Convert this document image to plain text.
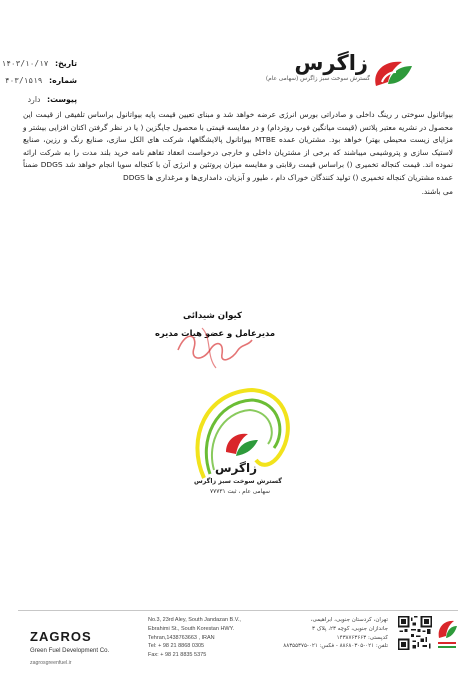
زاگرس
گسترش سوخت سبز زاگرس (سهامی عام)
تاریخ: ۱۴۰۳/۱۰/۱۷
شماره: ۴۰۳/۱۵۱۹
پیوست: دارد
بیواتانول سوختی ر رینگ داخلی و صادراتی بورس انرژی عرضه خواهد شد و مبنای تعیین قیمت پایه بیواتانول براساس تلفیقی از قیمت این محصول در نشریه معتبر پلاتس (قیمت میانگین فوب روتردام) و در مقایسه قیمتی با محصول جایگزین ( یا در نظر گرفتن اکتان افزایی بیشتر و مزایای زیست محیطی بهتر) خواهد بود. مشتریان عمده MTBE بیواتانول پالایشگاهها، شرکت های الکل سازی، صنایع رنگ و رزین، صنایع لاستیک سازی و پتروشیمی میباشند که برخی از مشتریان داخلی و خارجی درخواست انعقاد تفاهم نامه خرید بلند مدت را به شرکت ارائه نموده اند. قیمت کنجاله تخمیری () براساس قیمت رقابتی و مقایسه میزان پروتئین و انرژی آن با کنجاله سویا انجام خواهد شد DDGS ضمناً عمده مشتریان کنجاله تخمیری () تولید کنندگان خوراک دام ، طیور و آبزیان، دامداری‌ها و مرغداری ها DDGS
می باشند.
کیوان شیدائی
مدیرعامل و عضو هیات مدیره
زاگرس
گسترش سوخت سبز زاگرس
سهامی عام ، ثبت ۷۷۷۳۱
ZAGROS
Green Fuel Development Co.
zagrosgreenfuel.ir
No.3, 23rd Aley, South Jandazan B.V.,
Ebrahimi St., South Korestan HWY.
Tehran,1438763663 , IRAN
Tel: + 98 21 8868 0305
Fax: + 98 21 8835 5375
تهران، کردستان جنوبی، ابراهیمی،
جاندازان جنوبی، کوچه ۲۳، پلاک ۳
کدپستی: ۱۴۳۸۷۶۳۶۶۳
تلفن: ۰۲۱-۸۸۶۸۰۳۰۵ - فکس: ۰۲۱-۸۸۳۵۵۳۷۵
